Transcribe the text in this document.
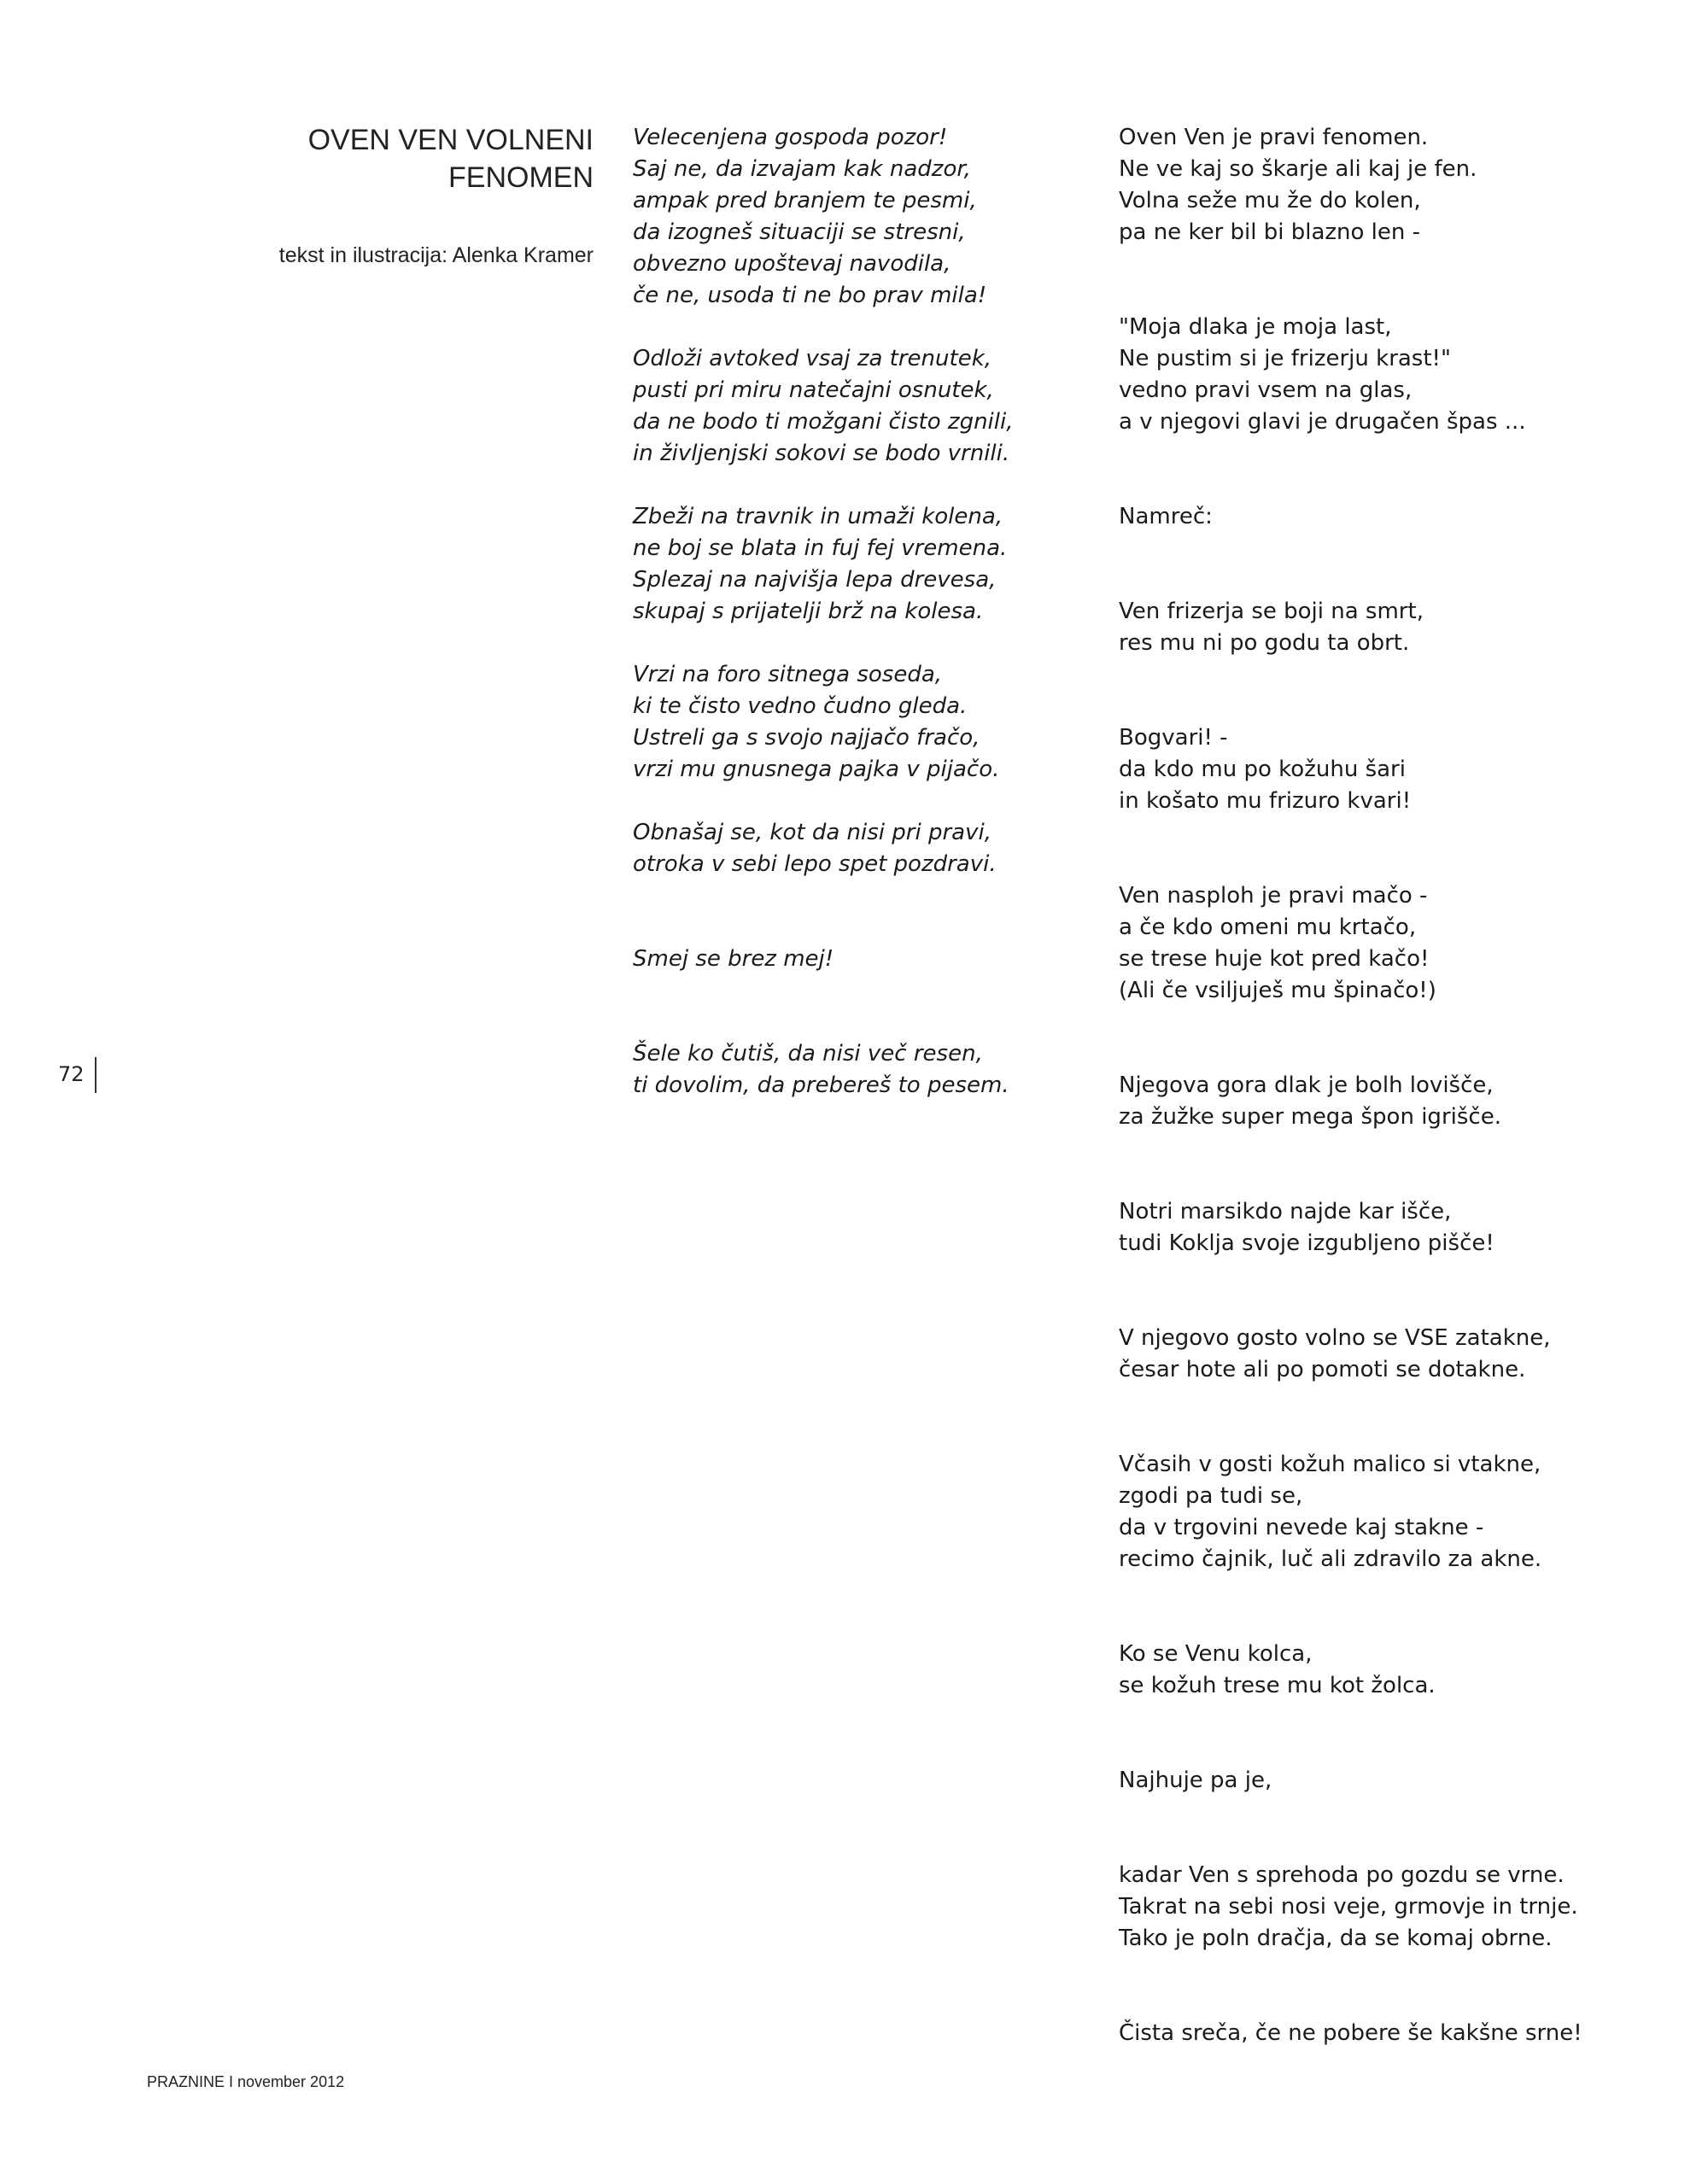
OVEN VEN VOLNENI
FENOMEN
tekst in ilustracija: Alenka Kramer
72
Velecenjena gospoda pozor!
Saj ne, da izvajam kak nadzor,
ampak pred branjem te pesmi,
da izogneš situaciji se stresni,
obvezno upoštevaj navodila,
če ne, usoda ti ne bo prav mila!
Odloži avtoked vsaj za trenutek,
pusti pri miru natečajni osnutek,
da ne bodo ti možgani čisto zgnili,
in življenjski sokovi se bodo vrnili.
Zbeži na travnik in umaži kolena,
ne boj se blata in fuj fej vremena.
Splezaj na najvišja lepa drevesa,
skupaj s prijatelji brž na kolesa.
Vrzi na foro sitnega soseda,
ki te čisto vedno čudno gleda.
Ustreli ga s svojo najjačo fračo,
vrzi mu gnusnega pajka v pijačo.
Obnašaj se, kot da nisi pri pravi,
otroka v sebi lepo spet pozdravi.
Smej se brez mej!
Šele ko čutiš, da nisi več resen,
ti dovolim, da prebereš to pesem.
Oven Ven je pravi fenomen.
Ne ve kaj so škarje ali kaj je fen.
Volna seže mu že do kolen,
pa ne ker bil bi blazno len -
"Moja dlaka je moja last,
Ne pustim si je frizerju krast!"
vedno pravi vsem na glas,
a v njegovi glavi je drugačen špas ...
Namreč:
Ven frizerja se boji na smrt,
res mu ni po godu ta obrt.
Bogvari! -
da kdo mu po kožuhu šari
in košato mu frizuro kvari!
Ven nasploh je pravi mačo -
a če kdo omeni mu krtačo,
se trese huje kot pred kačo!
(Ali če vsiljuješ mu špinačo!)
Njegova gora dlak je bolh lovišče,
za žužke super mega špon igrišče.
Notri marsikdo najde kar išče,
tudi Koklja svoje izgubljeno pišče!
V njegovo gosto volno se VSE zatakne,
česar hote ali po pomoti se dotakne.
Včasih v gosti kožuh malico si vtakne,
zgodi pa tudi se,
da v trgovini nevede kaj stakne -
recimo čajnik, luč ali zdravilo za akne.
Ko se Venu kolca,
se kožuh trese mu kot žolca.
Najhuje pa je,
kadar Ven s sprehoda po gozdu se vrne.
Takrat na sebi nosi veje, grmovje in trnje.
Tako je poln dračja, da se komaj obrne.
Čista sreča, če ne pobere še kakšne srne!
PRAZNINE I november 2012
